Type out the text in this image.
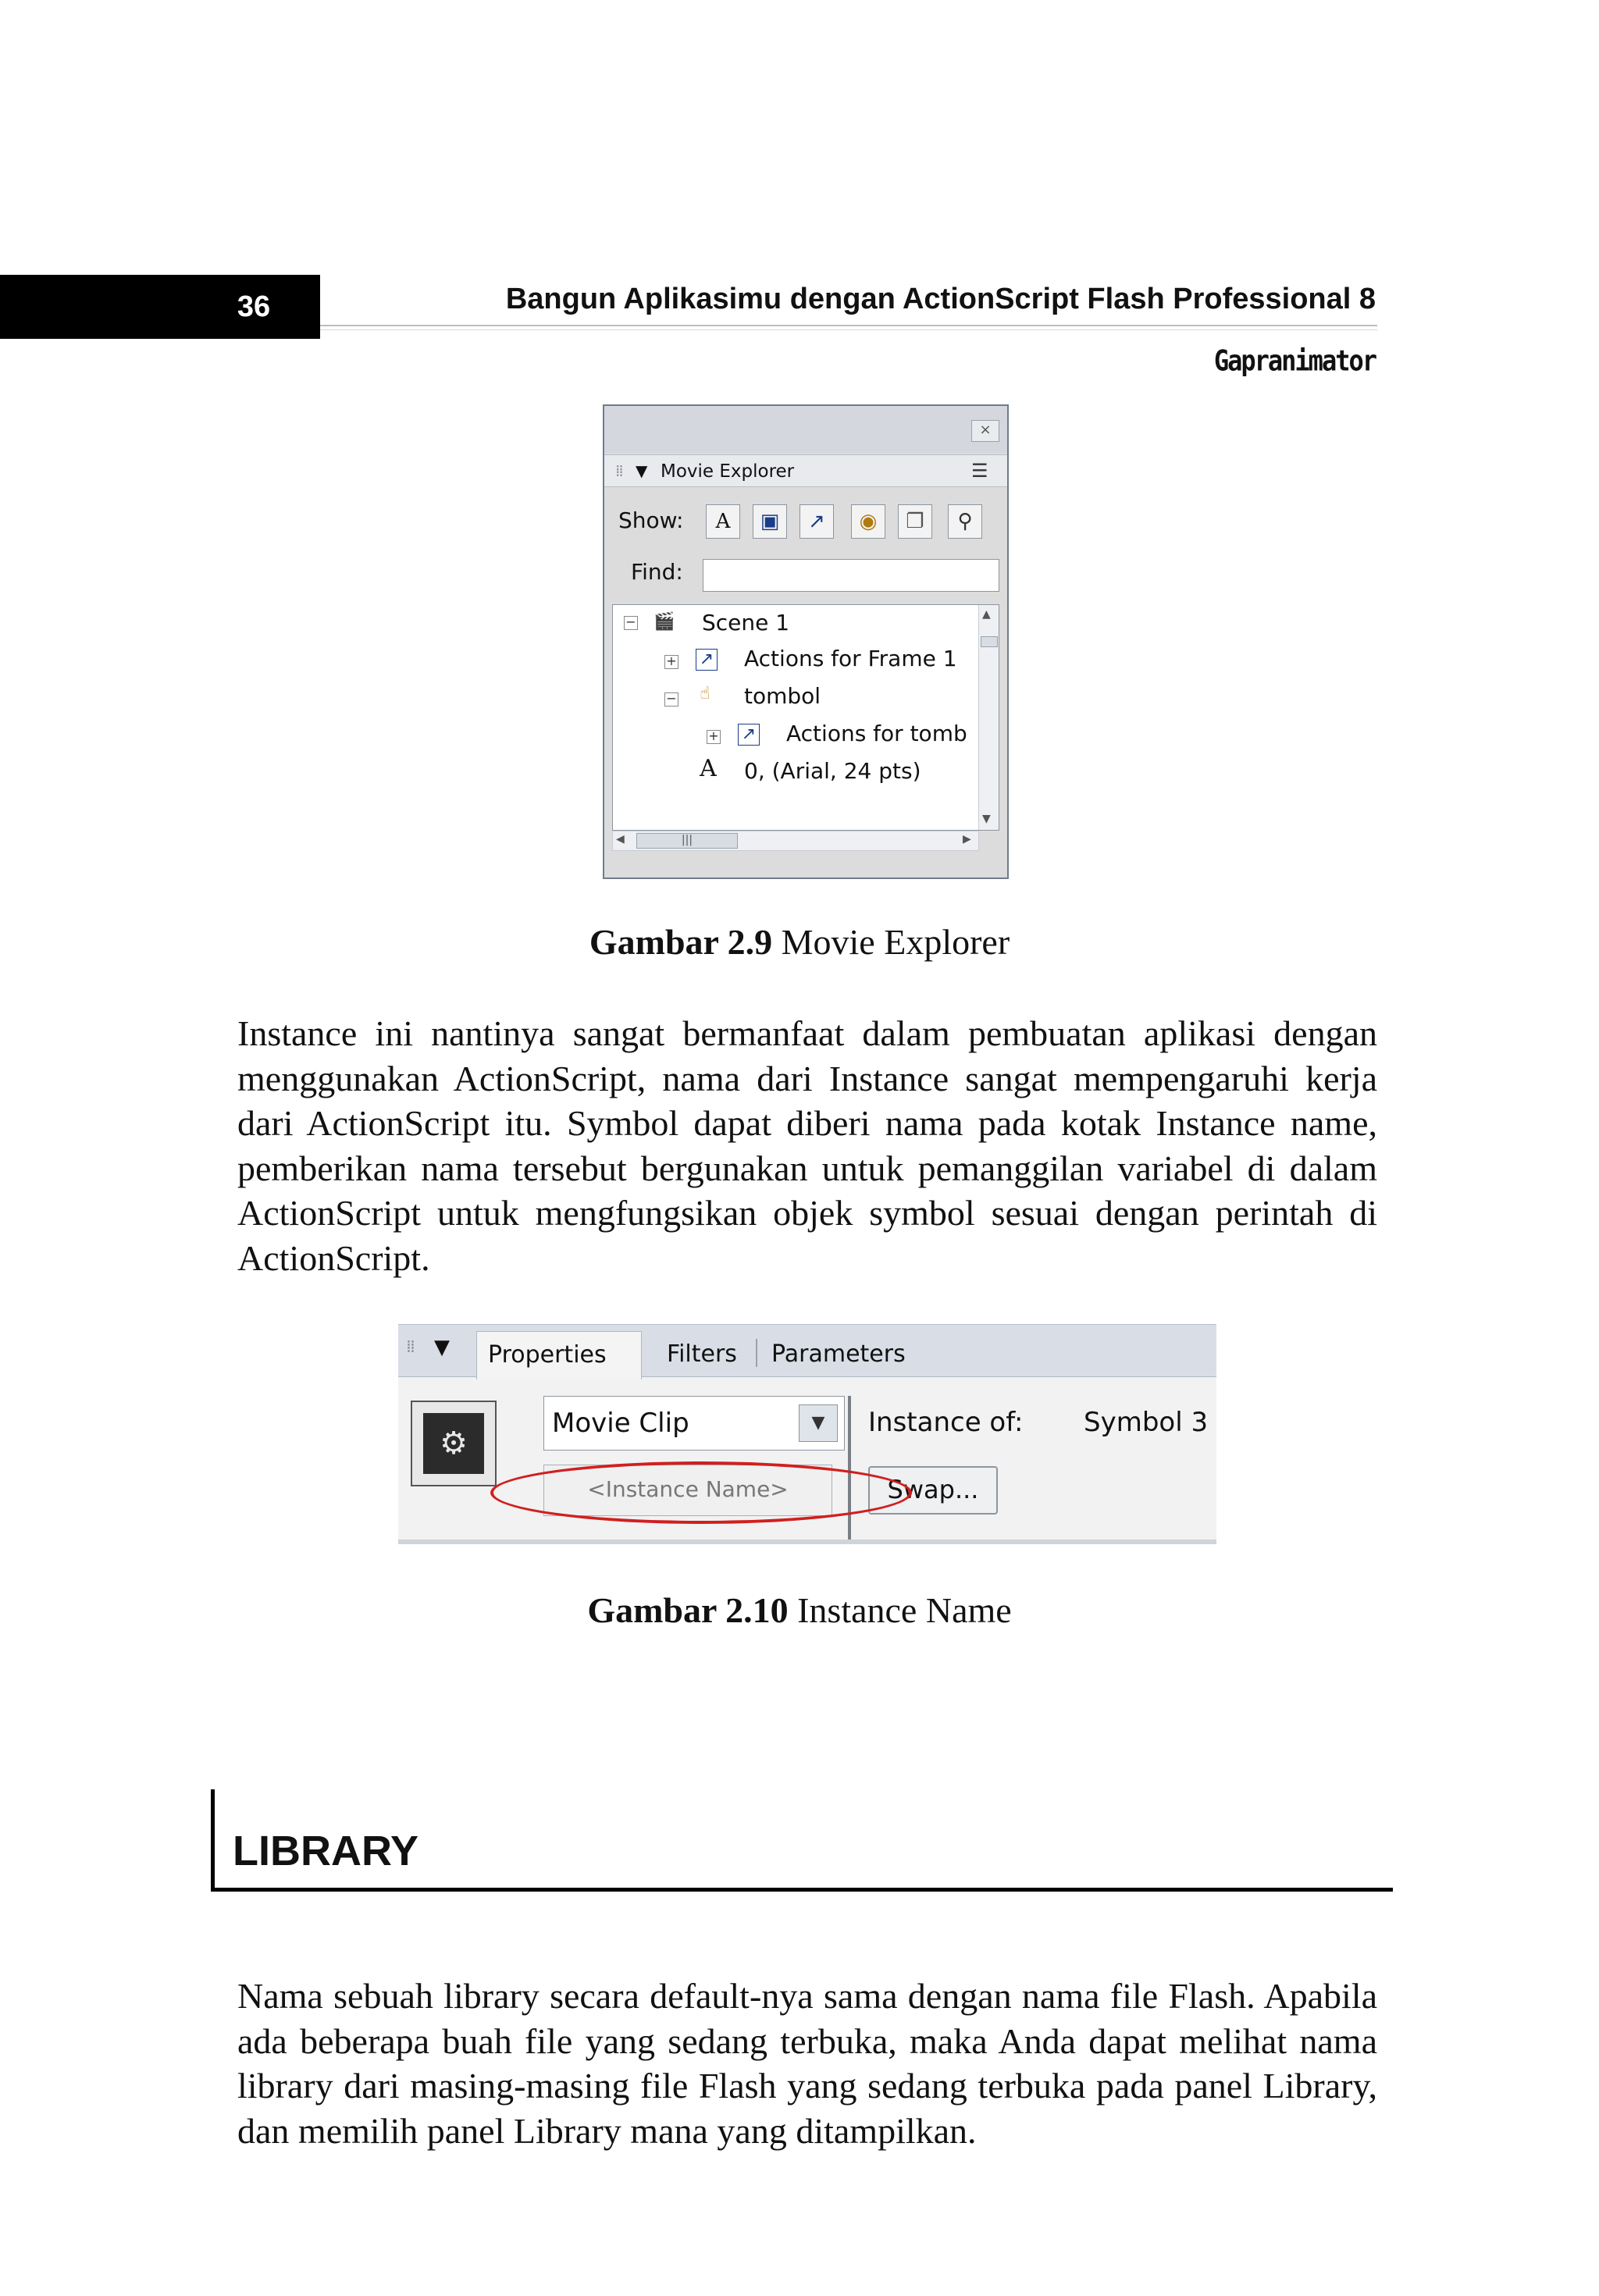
36	Bangun Aplikasimu dengan ActionScript Flash Professional 8
Gapranimator
×
⁞⁞ ▼ Movie Explorer	☰
Show:	A	▣	↗	◉	❐	⚲
Find:
− 🎬 Scene 1
+ ↗ Actions for Frame 1
−	☝ tombol
+ ↗ Actions for tomb
A 0, (Arial, 24 pts)
▲
▼
◀	|||	▶
Gambar 2.9 Movie Explorer
Instance ini nantinya sangat bermanfaat dalam pembuatan aplikasi dengan menggunakan ActionScript, nama dari Instance sangat mempengaruhi kerja dari ActionScript itu. Symbol dapat diberi nama pada kotak Instance name, pemberikan nama tersebut bergunakan untuk pemanggilan variabel di dalam ActionScript untuk mengfungsikan objek symbol sesuai dengan perintah di ActionScript.
⁞⁞ ▼ Properties	Filters Parameters
⚙
Movie Clip	▼
<Instance Name>
Instance of: Symbol 3
Swap...
Gambar 2.10 Instance Name
LIBRARY
Nama sebuah library secara default-nya sama dengan nama file Flash. Apabila ada beberapa buah file yang sedang terbuka, maka Anda dapat melihat nama library dari masing-masing file Flash yang sedang terbuka pada panel Library, dan memilih panel Library mana yang ditampilkan.
